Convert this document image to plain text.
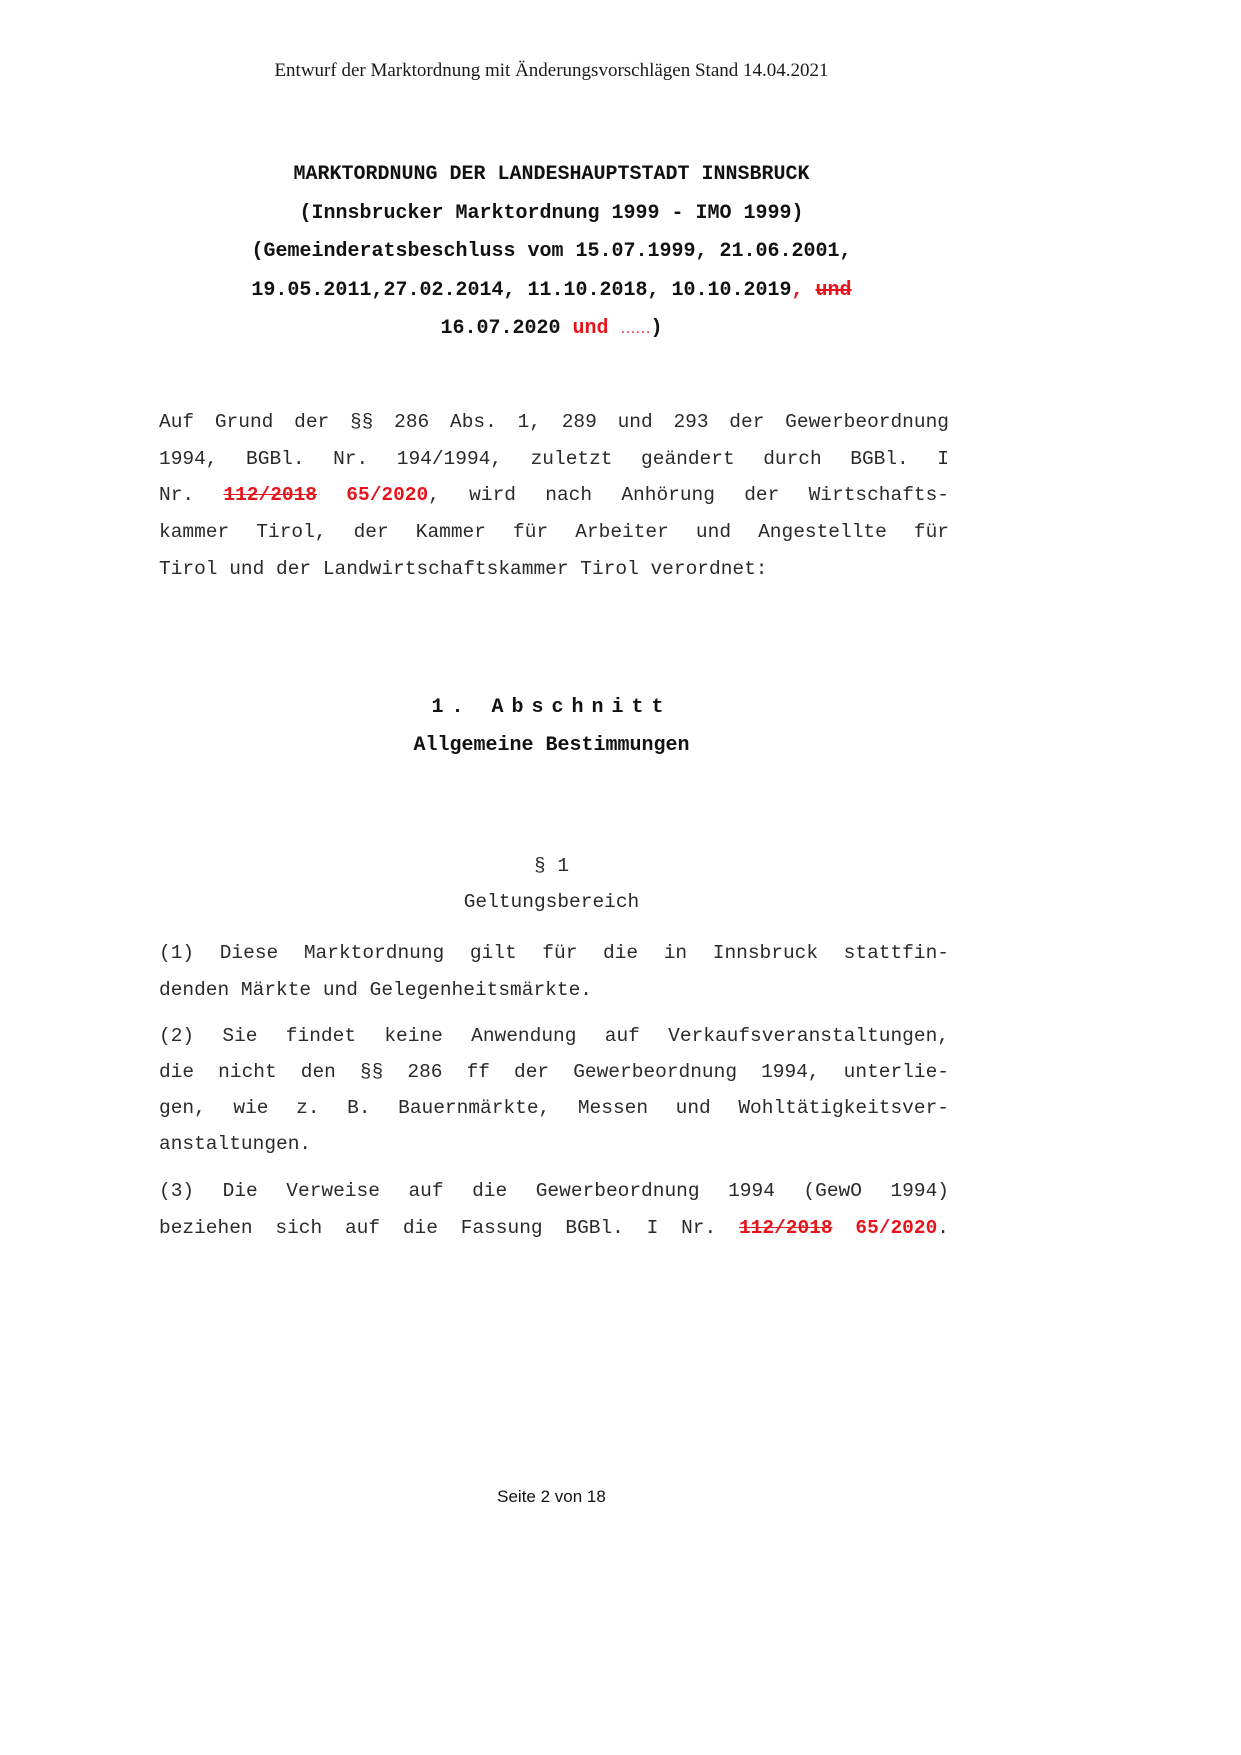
Entwurf der Marktordnung mit Änderungsvorschlägen Stand 14.04.2021
MARKTORDNUNG DER LANDESHAUPTSTADT INNSBRUCK
(Innsbrucker Marktordnung 1999 - IMO 1999)
(Gemeinderatsbeschluss vom 15.07.1999, 21.06.2001,
19.05.2011,27.02.2014, 11.10.2018, 10.10.2019, und
16.07.2020 und ……)
Auf Grund der §§ 286 Abs. 1, 289 und 293 der Gewerbeordnung
1994, BGBl. Nr. 194/1994, zuletzt geändert durch BGBl. I
Nr. 112/2018 65/2020, wird nach Anhörung der Wirtschafts-
kammer Tirol, der Kammer für Arbeiter und Angestellte für
Tirol und der Landwirtschaftskammer Tirol verordnet:
1. Abschnitt
Allgemeine Bestimmungen
§ 1
Geltungsbereich
(1) Diese Marktordnung gilt für die in Innsbruck stattfin-
denden Märkte und Gelegenheitsmärkte.
(2) Sie findet keine Anwendung auf Verkaufsveranstaltungen,
die nicht den §§ 286 ff der Gewerbeordnung 1994, unterlie-
gen, wie z. B. Bauernmärkte, Messen und Wohltätigkeitsver-
anstaltungen.
(3) Die Verweise auf die Gewerbeordnung 1994 (GewO 1994)
beziehen sich auf die Fassung BGBl. I Nr. 112/2018 65/2020.
Seite 2 von 18
